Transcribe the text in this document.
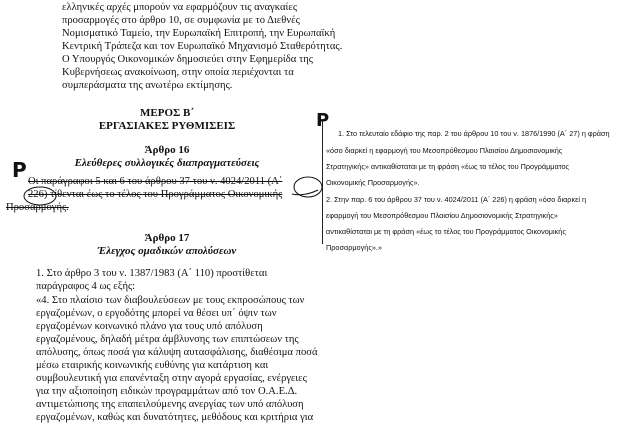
ελληνικές αρχές μπορούν να εφαρμόζουν τις αναγκαίες
προσαρμογές στο άρθρο 10, σε συμφωνία με το Διεθνές
Νομισματικό Ταμείο, την Ευρωπαϊκή Επιτροπή, την Ευρωπαϊκή
Κεντρική Τράπεζα και τον Ευρωπαϊκό Μηχανισμό Σταθερότητας.
Ο Υπουργός Οικονομικών δημοσιεύει στην Εφημερίδα της
Κυβερνήσεως ανακοίνωση, στην οποία περιέχονται τα
συμπεράσματα της ανωτέρω εκτίμησης.
ΜΕΡΟΣ Β΄
ΕΡΓΑΣΙΑΚΕΣ ΡΥΘΜΙΣΕΙΣ
Άρθρο 16
Ελεύθερες συλλογικές διαπραγματεύσεις
Οι παράγραφοι 5 και 6 του άρθρου 37 του ν. 4024/2011 (Α΄
226) τίθενται έως το τέλος του Προγράμματος Οικονομικής
Προσαρμογής.
P
P
Άρθρο 17
Έλεγχος ομαδικών απολύσεων
1. Στο άρθρο 3 του ν. 1387/1983 (Α΄ 110) προστίθεται
παράγραφος 4 ως εξής:
«4. Στο πλαίσιο των διαβουλεύσεων με τους εκπροσώπους των
εργαζομένων, ο εργοδότης μπορεί να θέσει υπ΄ όψιν των
εργαζομένων κοινωνικό πλάνο για τους υπό απόλυση
εργαζομένους, δηλαδή μέτρα άμβλυνσης των επιπτώσεων της
απόλυσης, όπως ποσά για κάλυψη αυτασφάλισης, διαθέσιμα ποσά
μέσω εταιρικής κοινωνικής ευθύνης για κατάρτιση και
συμβουλευτική για επανένταξη στην αγορά εργασίας, ενέργειες
για την αξιοποίηση ειδικών προγραμμάτων από τον Ο.Α.Ε.Δ.
αντιμετώπισης της επαπειλούμενης ανεργίας των υπό απόλυση
εργαζομένων, καθώς και δυνατότητες, μεθόδους και κριτήρια για
1. Στο τελευταίο εδάφιο της παρ. 2 του άρθρου 10 του ν. 1876/1990 (Α΄ 27) η φράση
«όσο διαρκεί η εφαρμογή του Μεσοπρόθεσμου Πλαισίου Δημοσιονομικής
Στρατηγικής» αντικαθίσταται με τη φράση «έως το τέλος του Προγράμματος
Οικονομικής Προσαρμογής».
2. Στην παρ. 6 του άρθρου 37 του ν. 4024/2011 (Α΄ 226) η φράση «όσο διαρκεί η
εφαρμογή του Μεσοπρόθεσμου Πλαισίου Δημοσιονομικής Στρατηγικής»
αντικαθίσταται με τη φράση «έως το τέλος του Προγράμματος Οικονομικής
Προσαρμογής».»
